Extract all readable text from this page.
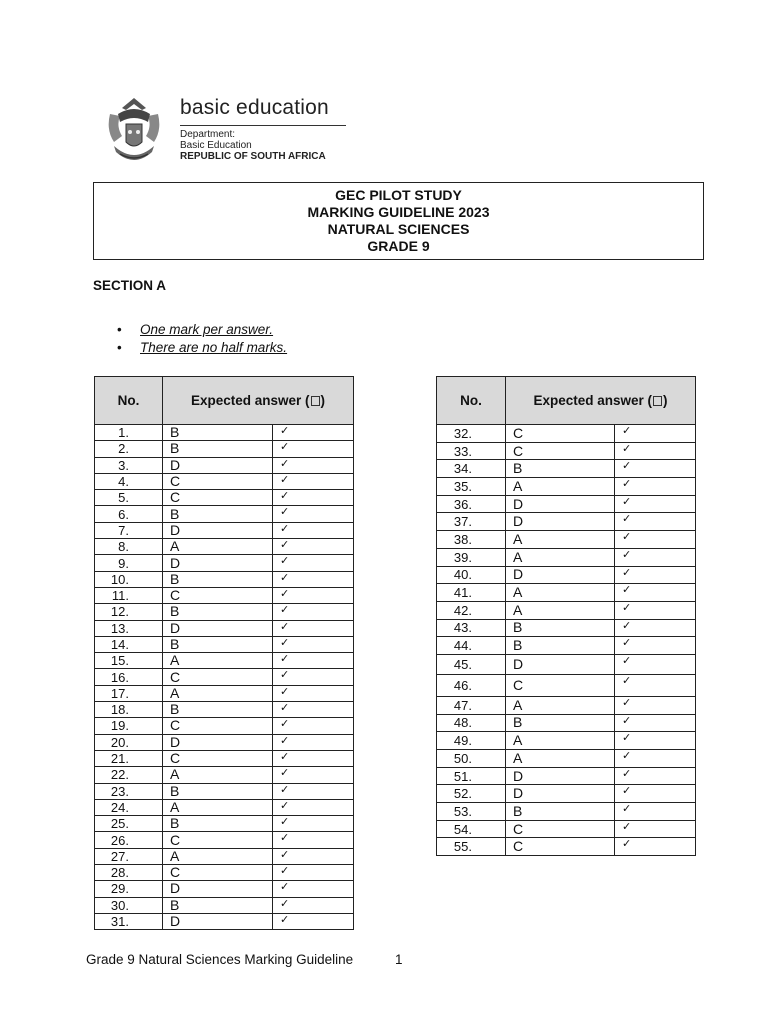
basic education
Department:
Basic Education
REPUBLIC OF SOUTH AFRICA
GEC PILOT STUDY
MARKING GUIDELINE 2023
NATURAL SCIENCES
GRADE 9
SECTION A
• One mark per answer.
• There are no half marks.
No.	Expected answer ( )	
1.	B	✓
2.	B	✓
3.	D	✓
4.	C	✓
5.	C	✓
6.	B	✓
7.	D	✓
8.	A	✓
9.	D	✓
10.	B	✓
11.	C	✓
12.	B	✓
13.	D	✓
14.	B	✓
15.	A	✓
16.	C	✓
17.	A	✓
18.	B	✓
19.	C	✓
20.	D	✓
21.	C	✓
22.	A	✓
23.	B	✓
24.	A	✓
25.	B	✓
26.	C	✓
27.	A	✓
28.	C	✓
29.	D	✓
30.	B	✓
31.	D	✓
No.	Expected answer ( )	
32.	C	✓
33.	C	✓
34.	B	✓
35.	A	✓
36.	D	✓
37.	D	✓
38.	A	✓
39.	A	✓
40.	D	✓
41.	A	✓
42.	A	✓
43.	B	✓
44.	B	✓
45.	D	✓
46.	C	✓
47.	A	✓
48.	B	✓
49.	A	✓
50.	A	✓
51.	D	✓
52.	D	✓
53.	B	✓
54.	C	✓
55.	C	✓
Grade 9 Natural Sciences Marking Guideline	1
